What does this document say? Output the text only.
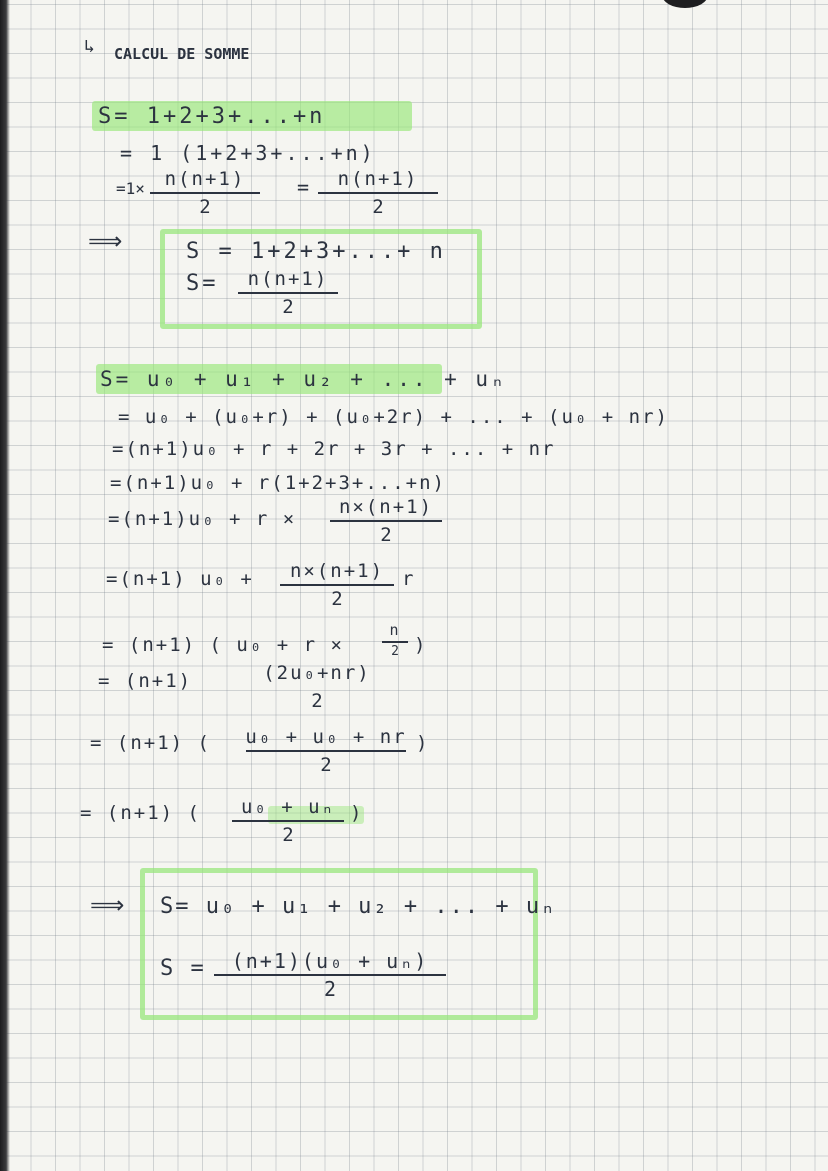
↳ CALCUL DE SOMME
S= 1+2+3+...+n
= 1 (1+2+3+...+n)
=1× n(n+1)
2
= n(n+1)
2
⟹	S = 1+2+3+...+ n
S= n(n+1)
2
S= u₀ + u₁ + u₂ + ... + uₙ
= u₀ + (u₀+r) + (u₀+2r) + ... + (u₀ + nr)
=(n+1)u₀ + r + 2r + 3r + ... + nr
=(n+1)u₀ + r(1+2+3+...+n)
=(n+1)u₀ + r ×
n×(n+1)
2
=(n+1) u₀ + n×(n+1)
2
r
= (n+1) ( u₀ + r ×
n
2 )
= (n+1)	(2u₀+nr)
2
= (n+1) ( u₀ + u₀ + nr
2
)
= (n+1) ( u₀ + uₙ
2
)
⟹ S= u₀ + u₁ + u₂ + ... + uₙ
S = (n+1)(u₀ + uₙ)
2
